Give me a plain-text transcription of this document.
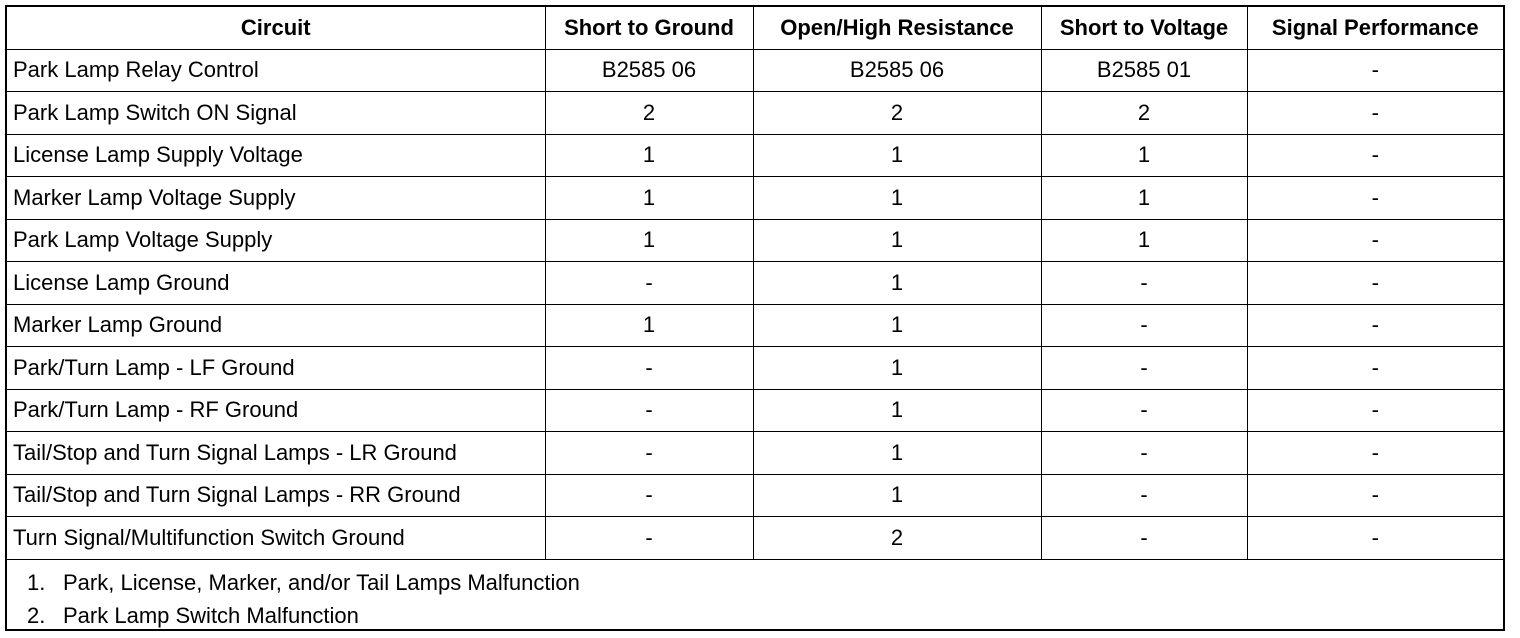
Circuit	Short to Ground	Open/High Resistance	Short to Voltage	Signal Performance
Park Lamp Relay Control	B2585 06	B2585 06	B2585 01	-
Park Lamp Switch ON Signal	2	2	2	-
License Lamp Supply Voltage	1	1	1	-
Marker Lamp Voltage Supply	1	1	1	-
Park Lamp Voltage Supply	1	1	1	-
License Lamp Ground	-	1	-	-
Marker Lamp Ground	1	1	-	-
Park/Turn Lamp - LF Ground	-	1	-	-
Park/Turn Lamp - RF Ground	-	1	-	-
Tail/Stop and Turn Signal Lamps - LR Ground	-	1	-	-
Tail/Stop and Turn Signal Lamps - RR Ground	-	1	-	-
Turn Signal/Multifunction Switch Ground	-	2	-	-
1. Park, License, Marker, and/or Tail Lamps Malfunction
2. Park Lamp Switch Malfunction
